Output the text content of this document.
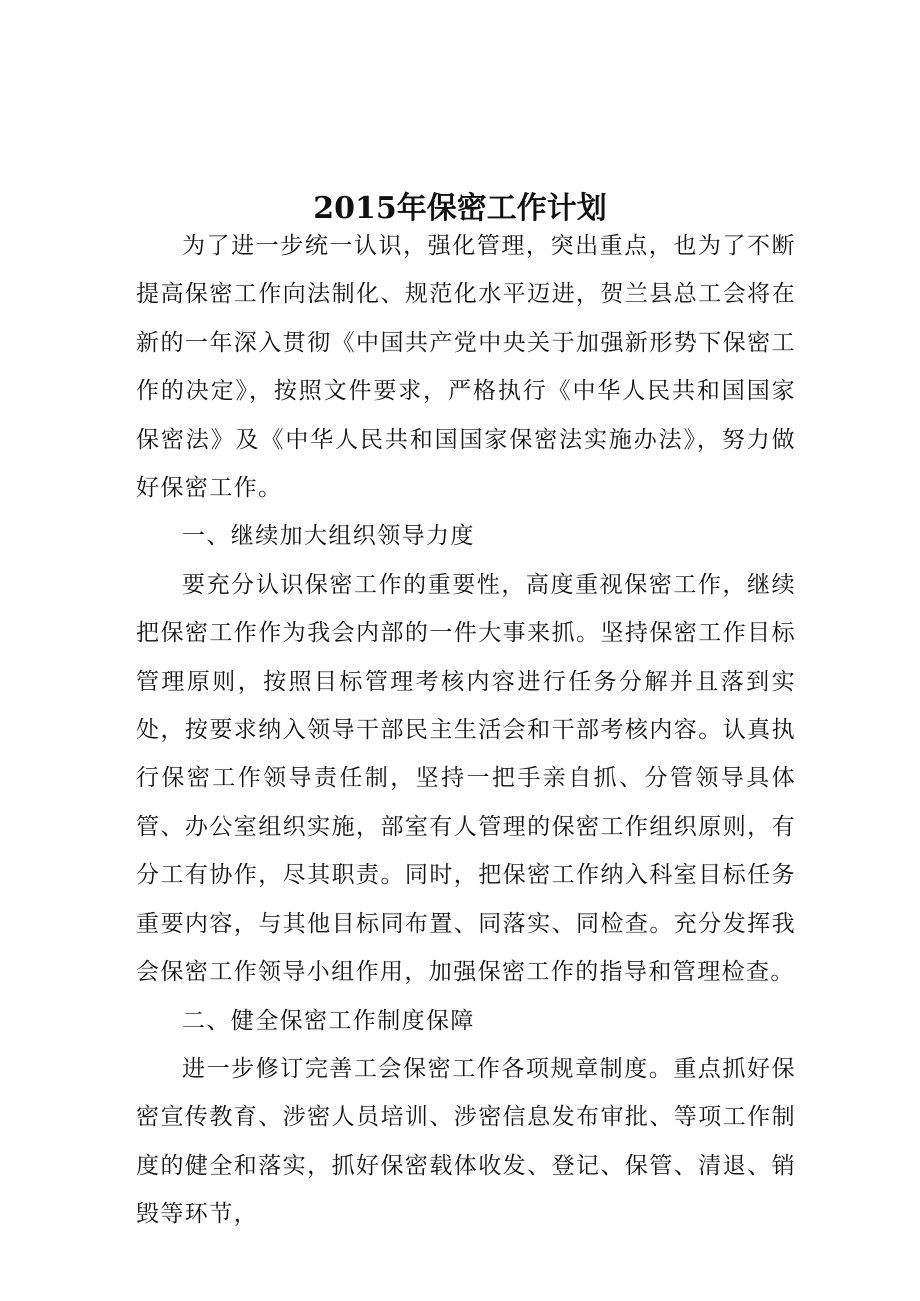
2015年保密工作计划

为了进一步统一认识，强化管理，突出重点，也为了不断提高保密工作向法制化、规范化水平迈进，贺兰县总工会将在新的一年深入贯彻《中国共产党中央关于加强新形势下保密工作的决定》，按照文件要求，严格执行《中华人民共和国国家保密法》及《中华人民共和国国家保密法实施办法》，努力做好保密工作。

一、继续加大组织领导力度

要充分认识保密工作的重要性，高度重视保密工作，继续把保密工作作为我会内部的一件大事来抓。坚持保密工作目标管理原则，按照目标管理考核内容进行任务分解并且落到实处，按要求纳入领导干部民主生活会和干部考核内容。认真执行保密工作领导责任制，坚持一把手亲自抓、分管领导具体管、办公室组织实施，部室有人管理的保密工作组织原则，有分工有协作，尽其职责。同时，把保密工作纳入科室目标任务重要内容，与其他目标同布置、同落实、同检查。充分发挥我会保密工作领导小组作用，加强保密工作的指导和管理检查。

二、健全保密工作制度保障

进一步修订完善工会保密工作各项规章制度。重点抓好保密宣传教育、涉密人员培训、涉密信息发布审批、等项工作制度的健全和落实，抓好保密载体收发、登记、保管、清退、销毁等环节，
